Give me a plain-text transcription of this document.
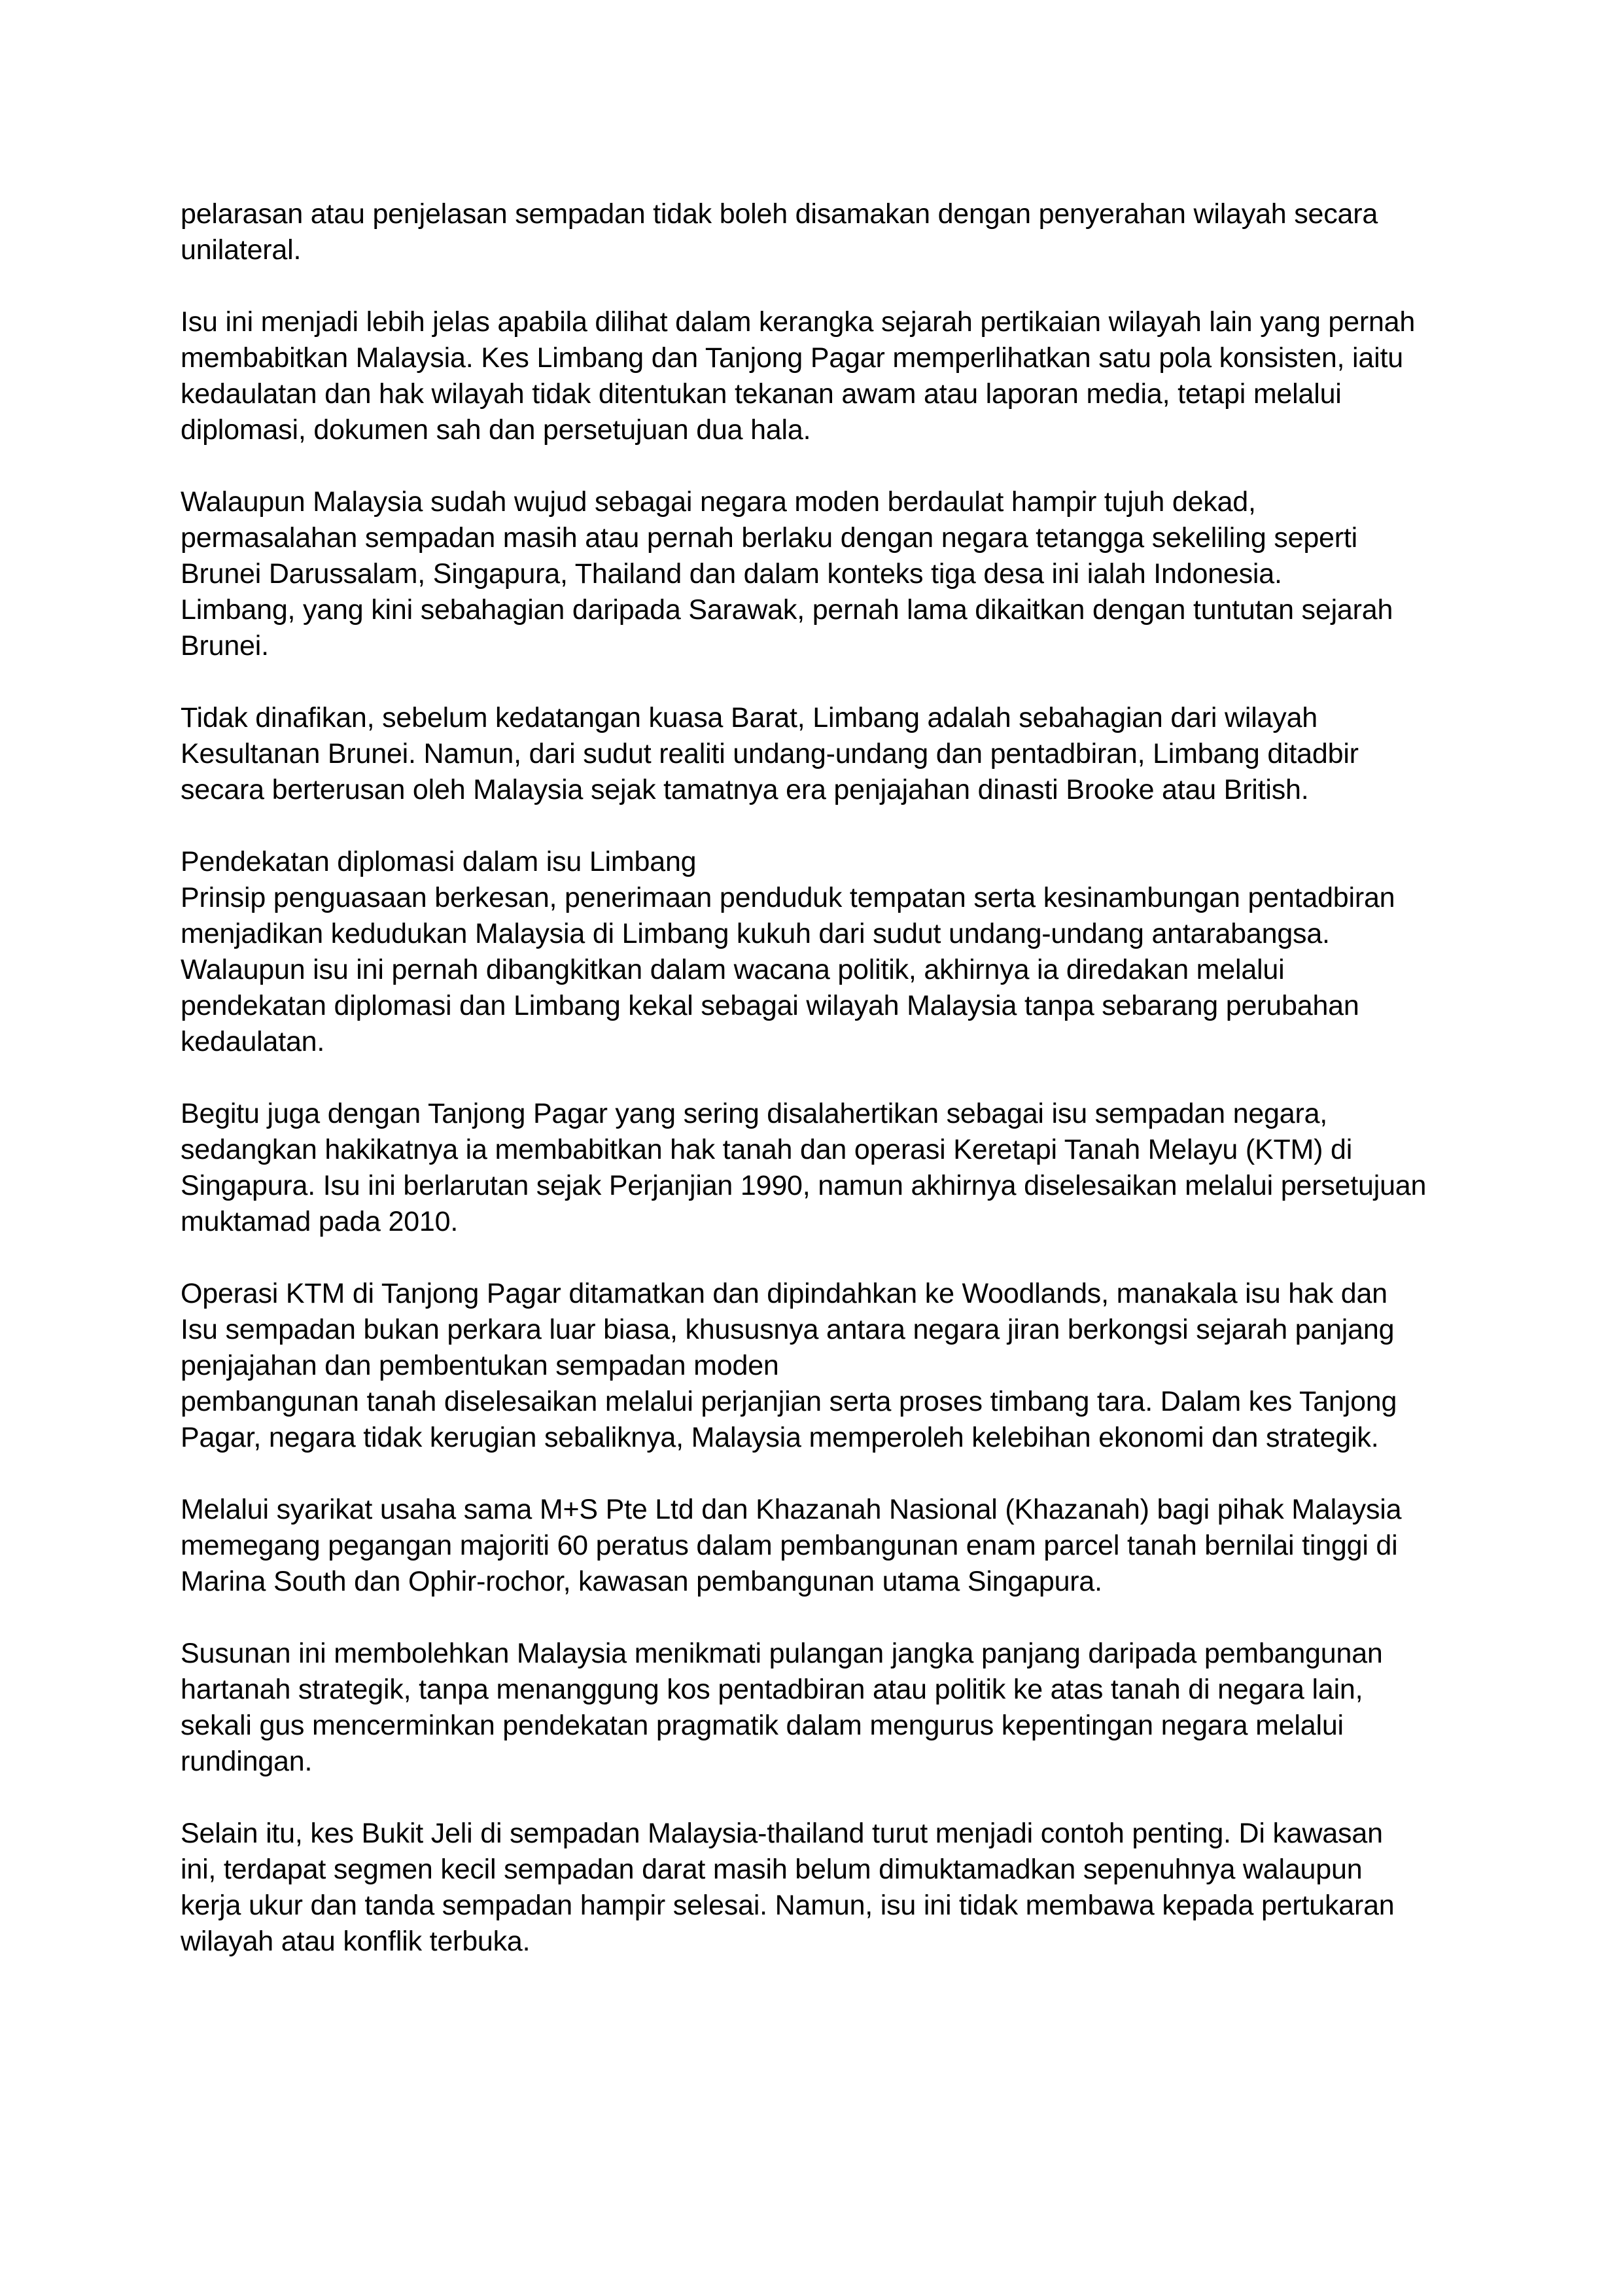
pelarasan atau penjelasan sempadan tidak boleh disamakan dengan penyerahan wilayah secara
unilateral.

Isu ini menjadi lebih jelas apabila dilihat dalam kerangka sejarah pertikaian wilayah lain yang pernah
membabitkan Malaysia. Kes Limbang dan Tanjong Pagar memperlihatkan satu pola konsisten, iaitu
kedaulatan dan hak wilayah tidak ditentukan tekanan awam atau laporan media, tetapi melalui
diplomasi, dokumen sah dan persetujuan dua hala.

Walaupun Malaysia sudah wujud sebagai negara moden berdaulat hampir tujuh dekad,
permasalahan sempadan masih atau pernah berlaku dengan negara tetangga sekeliling seperti
Brunei Darussalam, Singapura, Thailand dan dalam konteks tiga desa ini ialah Indonesia.
Limbang, yang kini sebahagian daripada Sarawak, pernah lama dikaitkan dengan tuntutan sejarah
Brunei.

Tidak dinafikan, sebelum kedatangan kuasa Barat, Limbang adalah sebahagian dari wilayah
Kesultanan Brunei. Namun, dari sudut realiti undang-undang dan pentadbiran, Limbang ditadbir
secara berterusan oleh Malaysia sejak tamatnya era penjajahan dinasti Brooke atau British.

Pendekatan diplomasi dalam isu Limbang
Prinsip penguasaan berkesan, penerimaan penduduk tempatan serta kesinambungan pentadbiran
menjadikan kedudukan Malaysia di Limbang kukuh dari sudut undang-undang antarabangsa.
Walaupun isu ini pernah dibangkitkan dalam wacana politik, akhirnya ia diredakan melalui
pendekatan diplomasi dan Limbang kekal sebagai wilayah Malaysia tanpa sebarang perubahan
kedaulatan.

Begitu juga dengan Tanjong Pagar yang sering disalahertikan sebagai isu sempadan negara,
sedangkan hakikatnya ia membabitkan hak tanah dan operasi Keretapi Tanah Melayu (KTM) di
Singapura. Isu ini berlarutan sejak Perjanjian 1990, namun akhirnya diselesaikan melalui persetujuan
muktamad pada 2010.

Operasi KTM di Tanjong Pagar ditamatkan dan dipindahkan ke Woodlands, manakala isu hak dan
Isu sempadan bukan perkara luar biasa, khususnya antara negara jiran berkongsi sejarah panjang
penjajahan dan pembentukan sempadan moden
pembangunan tanah diselesaikan melalui perjanjian serta proses timbang tara. Dalam kes Tanjong
Pagar, negara tidak kerugian sebaliknya, Malaysia memperoleh kelebihan ekonomi dan strategik.

Melalui syarikat usaha sama M+S Pte Ltd dan Khazanah Nasional (Khazanah) bagi pihak Malaysia
memegang pegangan majoriti 60 peratus dalam pembangunan enam parcel tanah bernilai tinggi di
Marina South dan Ophir-rochor, kawasan pembangunan utama Singapura.

Susunan ini membolehkan Malaysia menikmati pulangan jangka panjang daripada pembangunan
hartanah strategik, tanpa menanggung kos pentadbiran atau politik ke atas tanah di negara lain,
sekali gus mencerminkan pendekatan pragmatik dalam mengurus kepentingan negara melalui
rundingan.

Selain itu, kes Bukit Jeli di sempadan Malaysia-thailand turut menjadi contoh penting. Di kawasan
ini, terdapat segmen kecil sempadan darat masih belum dimuktamadkan sepenuhnya walaupun
kerja ukur dan tanda sempadan hampir selesai. Namun, isu ini tidak membawa kepada pertukaran
wilayah atau konflik terbuka.
